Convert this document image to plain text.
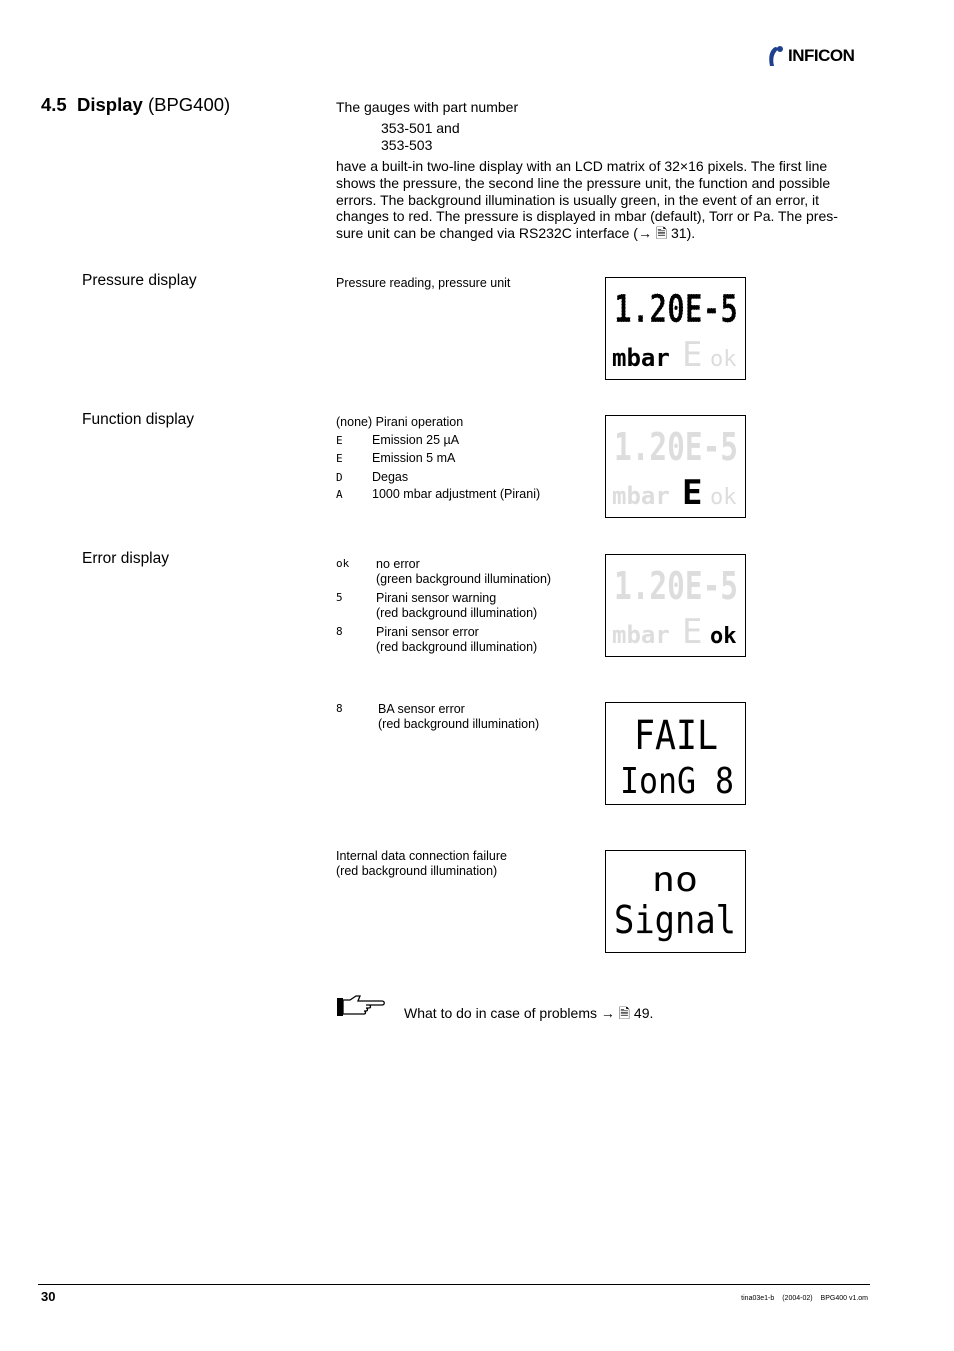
INFICON
4.5 Display (BPG400)	The gauges with part number
353-501 and
353-503
have a built-in two-line display with an LCD matrix of 32×16 pixels. The first line
shows the pressure, the second line the pressure unit, the function and possible
errors. The background illumination is usually green, in the event of an error, it
changes to red. The pressure is displayed in mbar (default), Torr or Pa. The pres-
sure unit can be changed via RS232C interface (→ 🗎 31).
Pressure display	Pressure reading, pressure unit
1.20E-5
mbar E ok
Function display	(none) Pirani operation
E Emission 25 µA
E Emission 5 mA
D Degas
A 1000 mbar adjustment (Pirani)
1.20E-5
mbar E ok
Error display	ok no error
(green background illumination)
5	Pirani sensor warning
(red background illumination)
8	Pirani sensor error
(red background illumination)
1.20E-5
mbar E ok
8	BA sensor error
(red background illumination) FAIL
IonG 8
Internal data connection failure
(red background illumination)	no
Signal
What to do in case of problems → 🗎 49.
30	tina03e1-b (2004-02) BPG400 v1.om
